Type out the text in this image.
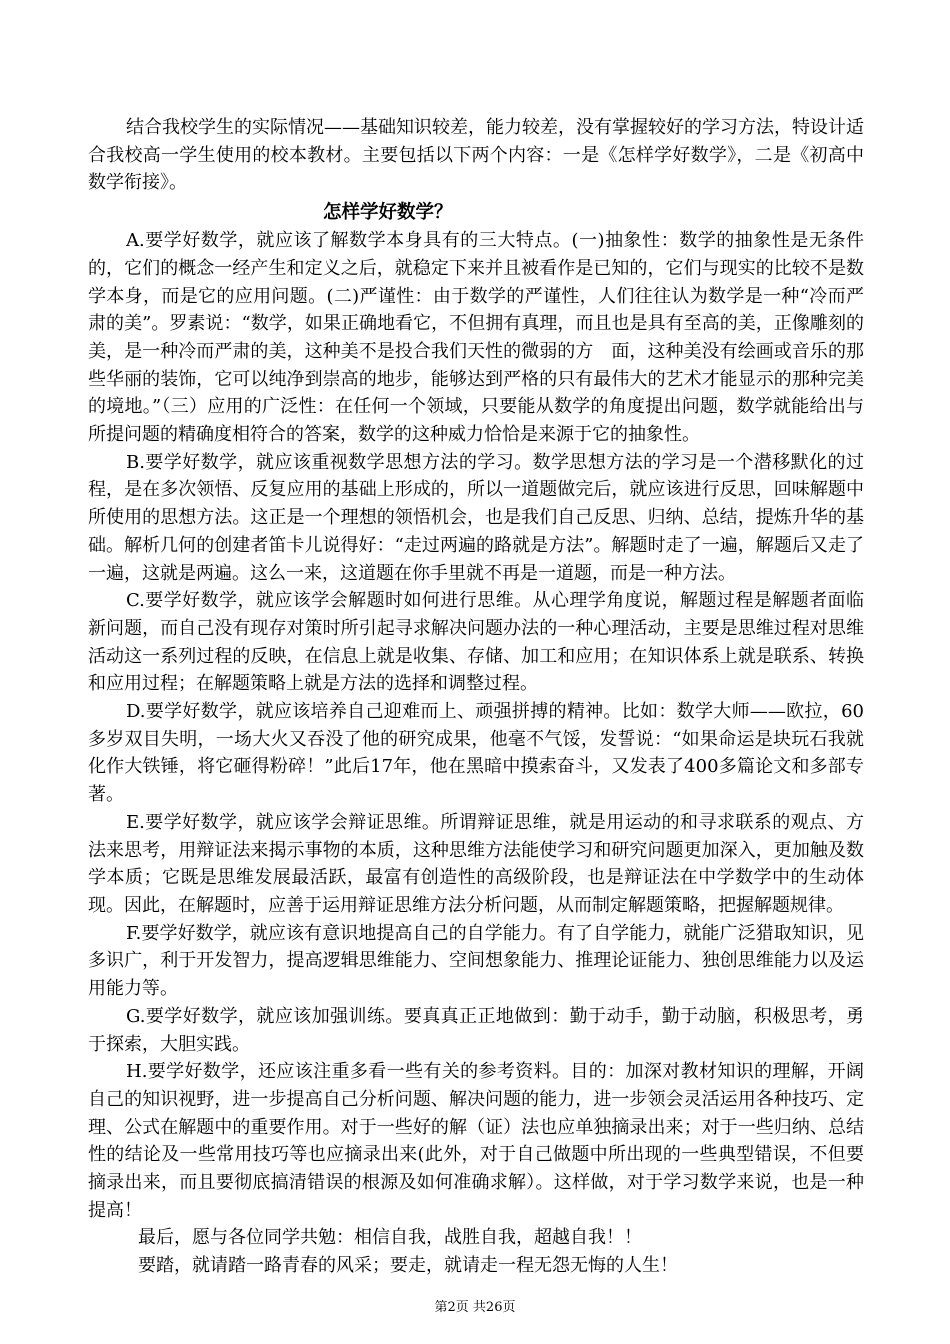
结合我校学生的实际情况——基础知识较差，能力较差，没有掌握较好的学习方法，特设计适合我校高一学生使用的校本教材。主要包括以下两个内容：一是《怎样学好数学》，二是《初高中数学衔接》。

怎样学好数学？

A.要学好数学，就应该了解数学本身具有的三大特点。(一)抽象性：数学的抽象性是无条件的，它们的概念一经产生和定义之后，就稳定下来并且被看作是已知的，它们与现实的比较不是数学本身，而是它的应用问题。(二)严谨性：由于数学的严谨性，人们往往认为数学是一种“冷而严肃的美”。罗素说：“数学，如果正确地看它，不但拥有真理，而且也是具有至高的美，正像雕刻的美，是一种冷而严肃的美，这种美不是投合我们天性的微弱的方　面，这种美没有绘画或音乐的那些华丽的装饰，它可以纯净到崇高的地步，能够达到严格的只有最伟大的艺术才能显示的那种完美的境地。”（三）应用的广泛性：在任何一个领域，只要能从数学的角度提出问题，数学就能给出与所提问题的精确度相符合的答案，数学的这种威力恰恰是来源于它的抽象性。

B.要学好数学，就应该重视数学思想方法的学习。数学思想方法的学习是一个潜移默化的过程，是在多次领悟、反复应用的基础上形成的，所以一道题做完后，就应该进行反思，回味解题中所使用的思想方法。这正是一个理想的领悟机会，也是我们自己反思、归纳、总结，提炼升华的基础。解析几何的创建者笛卡儿说得好：“走过两遍的路就是方法”。解题时走了一遍，解题后又走了一遍，这就是两遍。这么一来，这道题在你手里就不再是一道题，而是一种方法。

C.要学好数学，就应该学会解题时如何进行思维。从心理学角度说，解题过程是解题者面临新问题，而自己没有现存对策时所引起寻求解决问题办法的一种心理活动，主要是思维过程对思维活动这一系列过程的反映，在信息上就是收集、存储、加工和应用；在知识体系上就是联系、转换和应用过程；在解题策略上就是方法的选择和调整过程。

D.要学好数学，就应该培养自己迎难而上、顽强拼搏的精神。比如：数学大师——欧拉，60多岁双目失明，一场大火又吞没了他的研究成果，他毫不气馁，发誓说：“如果命运是块玩石我就化作大铁锤，将它砸得粉碎！”此后17年，他在黑暗中摸索奋斗，又发表了400多篇论文和多部专著。

E.要学好数学，就应该学会辩证思维。所谓辩证思维，就是用运动的和寻求联系的观点、方法来思考，用辩证法来揭示事物的本质，这种思维方法能使学习和研究问题更加深入，更加触及数学本质；它既是思维发展最活跃，最富有创造性的高级阶段，也是辩证法在中学数学中的生动体现。因此，在解题时，应善于运用辩证思维方法分析问题，从而制定解题策略，把握解题规律。

F.要学好数学，就应该有意识地提高自己的自学能力。有了自学能力，就能广泛猎取知识，见多识广，利于开发智力，提高逻辑思维能力、空间想象能力、推理论证能力、独创思维能力以及运用能力等。

G.要学好数学，就应该加强训练。要真真正正地做到：勤于动手，勤于动脑，积极思考，勇于探索，大胆实践。

H.要学好数学，还应该注重多看一些有关的参考资料。目的：加深对教材知识的理解，开阔自己的知识视野，进一步提高自己分析问题、解决问题的能力，进一步领会灵活运用各种技巧、定理、公式在解题中的重要作用。对于一些好的解（证）法也应单独摘录出来；对于一些归纳、总结性的结论及一些常用技巧等也应摘录出来(此外，对于自己做题中所出现的一些典型错误，不但要摘录出来，而且要彻底搞清错误的根源及如何准确求解）。这样做，对于学习数学来说，也是一种提高！

最后，愿与各位同学共勉：相信自我，战胜自我，超越自我！！

要踏，就请踏一路青春的风采；要走，就请走一程无怨无悔的人生！

第2页 共26页
